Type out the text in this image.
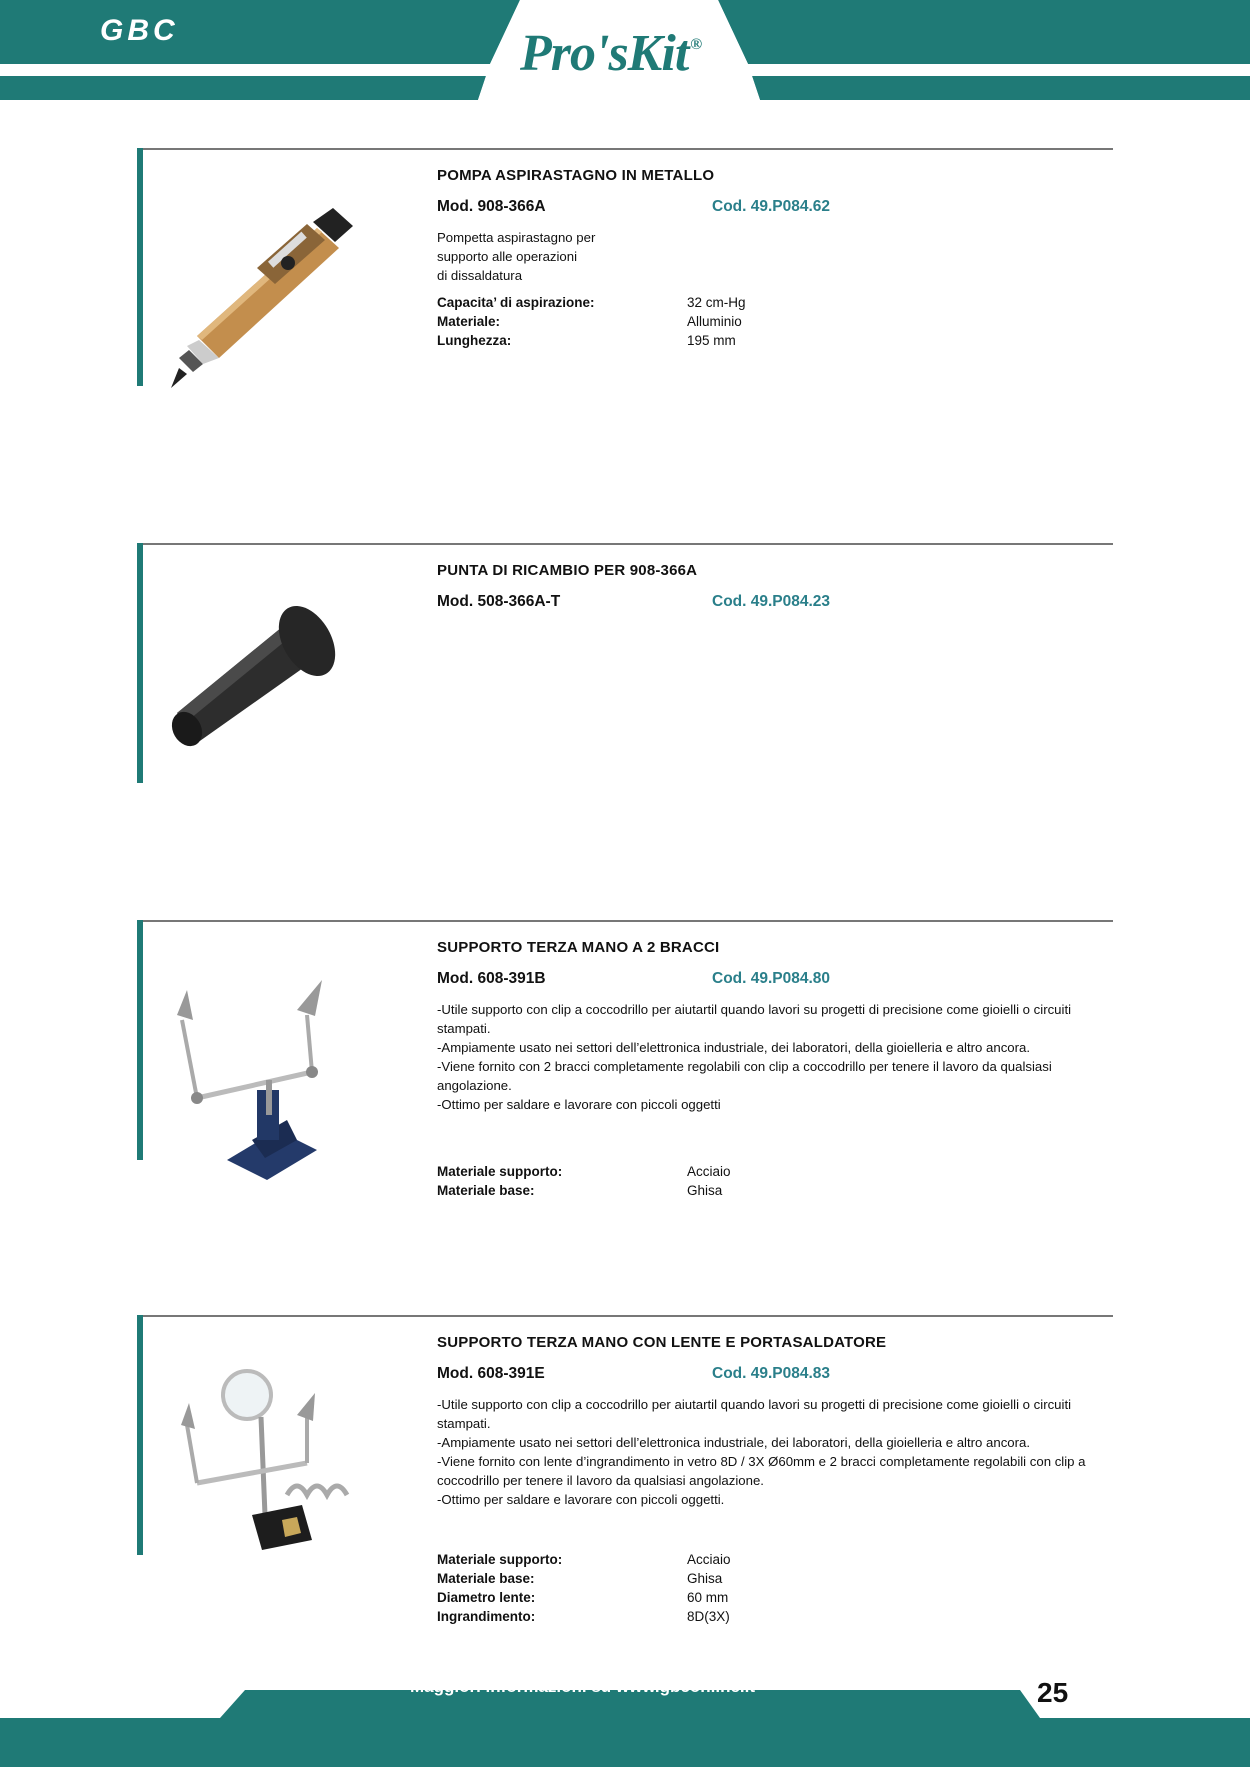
GBC	Pro'sKit ®
POMPA ASPIRASTAGNO IN METALLO
Mod. 908-366A	Cod. 49.P084.62

Pompetta aspirastagno per

supporto alle operazioni

di dissaldatura

Capacita’ di aspirazione:	32 cm-Hg
Materiale:	Alluminio
Lunghezza:	195 mm
PUNTA DI RICAMBIO PER 908-366A
Mod. 508-366A-T	Cod. 49.P084.23
SUPPORTO TERZA MANO A 2 BRACCI
Mod. 608-391B	Cod. 49.P084.80

-Utile supporto con clip a coccodrillo per aiutartil quando lavori su progetti di precisione come gioielli o circuiti stampati.

-Ampiamente usato nei settori dell’elettronica industriale, dei laboratori, della gioielleria e altro ancora.

-Viene fornito con 2 bracci completamente regolabili con clip a coccodrillo per tenere il lavoro da qualsiasi angolazione.

-Ottimo per saldare e lavorare con piccoli oggetti

Materiale supporto:	Acciaio
Materiale base:	Ghisa
SUPPORTO TERZA MANO CON LENTE E PORTASALDATORE
Mod. 608-391E	Cod. 49.P084.83

-Utile supporto con clip a coccodrillo per aiutartil quando lavori su progetti di precisione come gioielli o circuiti stampati.

-Ampiamente usato nei settori dell’elettronica industriale, dei laboratori, della gioielleria e altro ancora.

-Viene fornito con lente d’ingrandimento in vetro 8D / 3X Ø60mm e 2 bracci completamente regolabili con clip a coccodrillo per tenere il lavoro da qualsiasi angolazione.

-Ottimo per saldare e lavorare con piccoli oggetti.

Materiale supporto:	Acciaio
Materiale base:	Ghisa
Diametro lente:	60 mm
Ingrandimento:	8D(3X)
Maggiori informazioni su www.gbconline.it	25
